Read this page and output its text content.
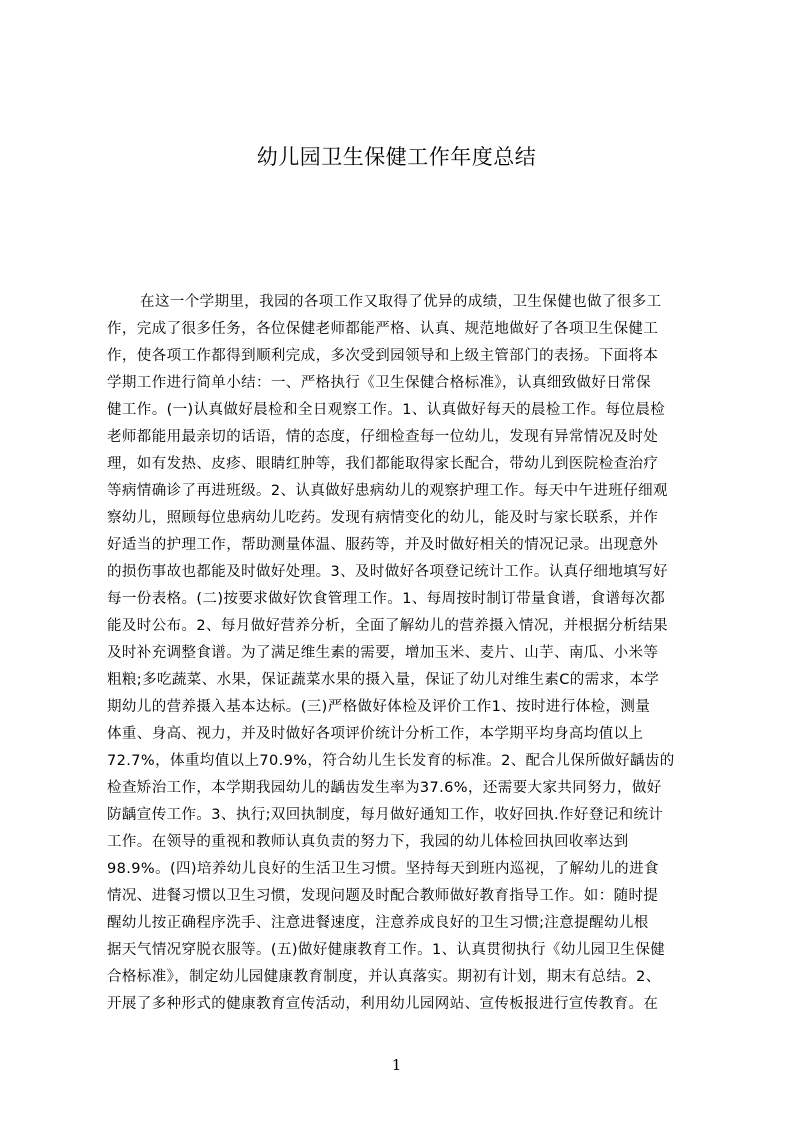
幼儿园卫生保健工作年度总结
在这一个学期里，我园的各项工作又取得了优异的成绩，卫生保健也做了很多工
作，完成了很多任务，各位保健老师都能严格、认真、规范地做好了各项卫生保健工
作，使各项工作都得到顺利完成，多次受到园领导和上级主管部门的表扬。下面将本
学期工作进行简单小结：一、严格执行《卫生保健合格标准》，认真细致做好日常保
健工作。(一)认真做好晨检和全日观察工作。1、认真做好每天的晨检工作。每位晨检
老师都能用最亲切的话语，情的态度，仔细检查每一位幼儿，发现有异常情况及时处
理，如有发热、皮疹、眼睛红肿等，我们都能取得家长配合，带幼儿到医院检查治疗
等病情确诊了再进班级。2、认真做好患病幼儿的观察护理工作。每天中午进班仔细观
察幼儿，照顾每位患病幼儿吃药。发现有病情变化的幼儿，能及时与家长联系，并作
好适当的护理工作，帮助测量体温、服药等，并及时做好相关的情况记录。出现意外
的损伤事故也都能及时做好处理。3、及时做好各项登记统计工作。认真仔细地填写好
每一份表格。(二)按要求做好饮食管理工作。1、每周按时制订带量食谱，食谱每次都
能及时公布。2、每月做好营养分析，全面了解幼儿的营养摄入情况，并根据分析结果
及时补充调整食谱。为了满足维生素的需要，增加玉米、麦片、山芋、南瓜、小米等
粗粮;多吃蔬菜、水果，保证蔬菜水果的摄入量，保证了幼儿对维生素C的需求，本学
期幼儿的营养摄入基本达标。(三)严格做好体检及评价工作1、按时进行体检，测量
体重、身高、视力，并及时做好各项评价统计分析工作，本学期平均身高均值以上
72.7%，体重均值以上70.9%，符合幼儿生长发育的标准。2、配合儿保所做好龋齿的
检查矫治工作，本学期我园幼儿的龋齿发生率为37.6%，还需要大家共同努力，做好
防龋宣传工作。3、执行;双回执制度，每月做好通知工作，收好回执.作好登记和统计
工作。在领导的重视和教师认真负责的努力下，我园的幼儿体检回执回收率达到
98.9%。(四)培养幼儿良好的生活卫生习惯。坚持每天到班内巡视，了解幼儿的进食
情况、进餐习惯以卫生习惯，发现问题及时配合教师做好教育指导工作。如：随时提
醒幼儿按正确程序洗手、注意进餐速度，注意养成良好的卫生习惯;注意提醒幼儿根
据天气情况穿脱衣服等。(五)做好健康教育工作。1、认真贯彻执行《幼儿园卫生保健
合格标准》，制定幼儿园健康教育制度，并认真落实。期初有计划，期末有总结。2、
开展了多种形式的健康教育宣传活动，利用幼儿园网站、宣传板报进行宣传教育。在
1
